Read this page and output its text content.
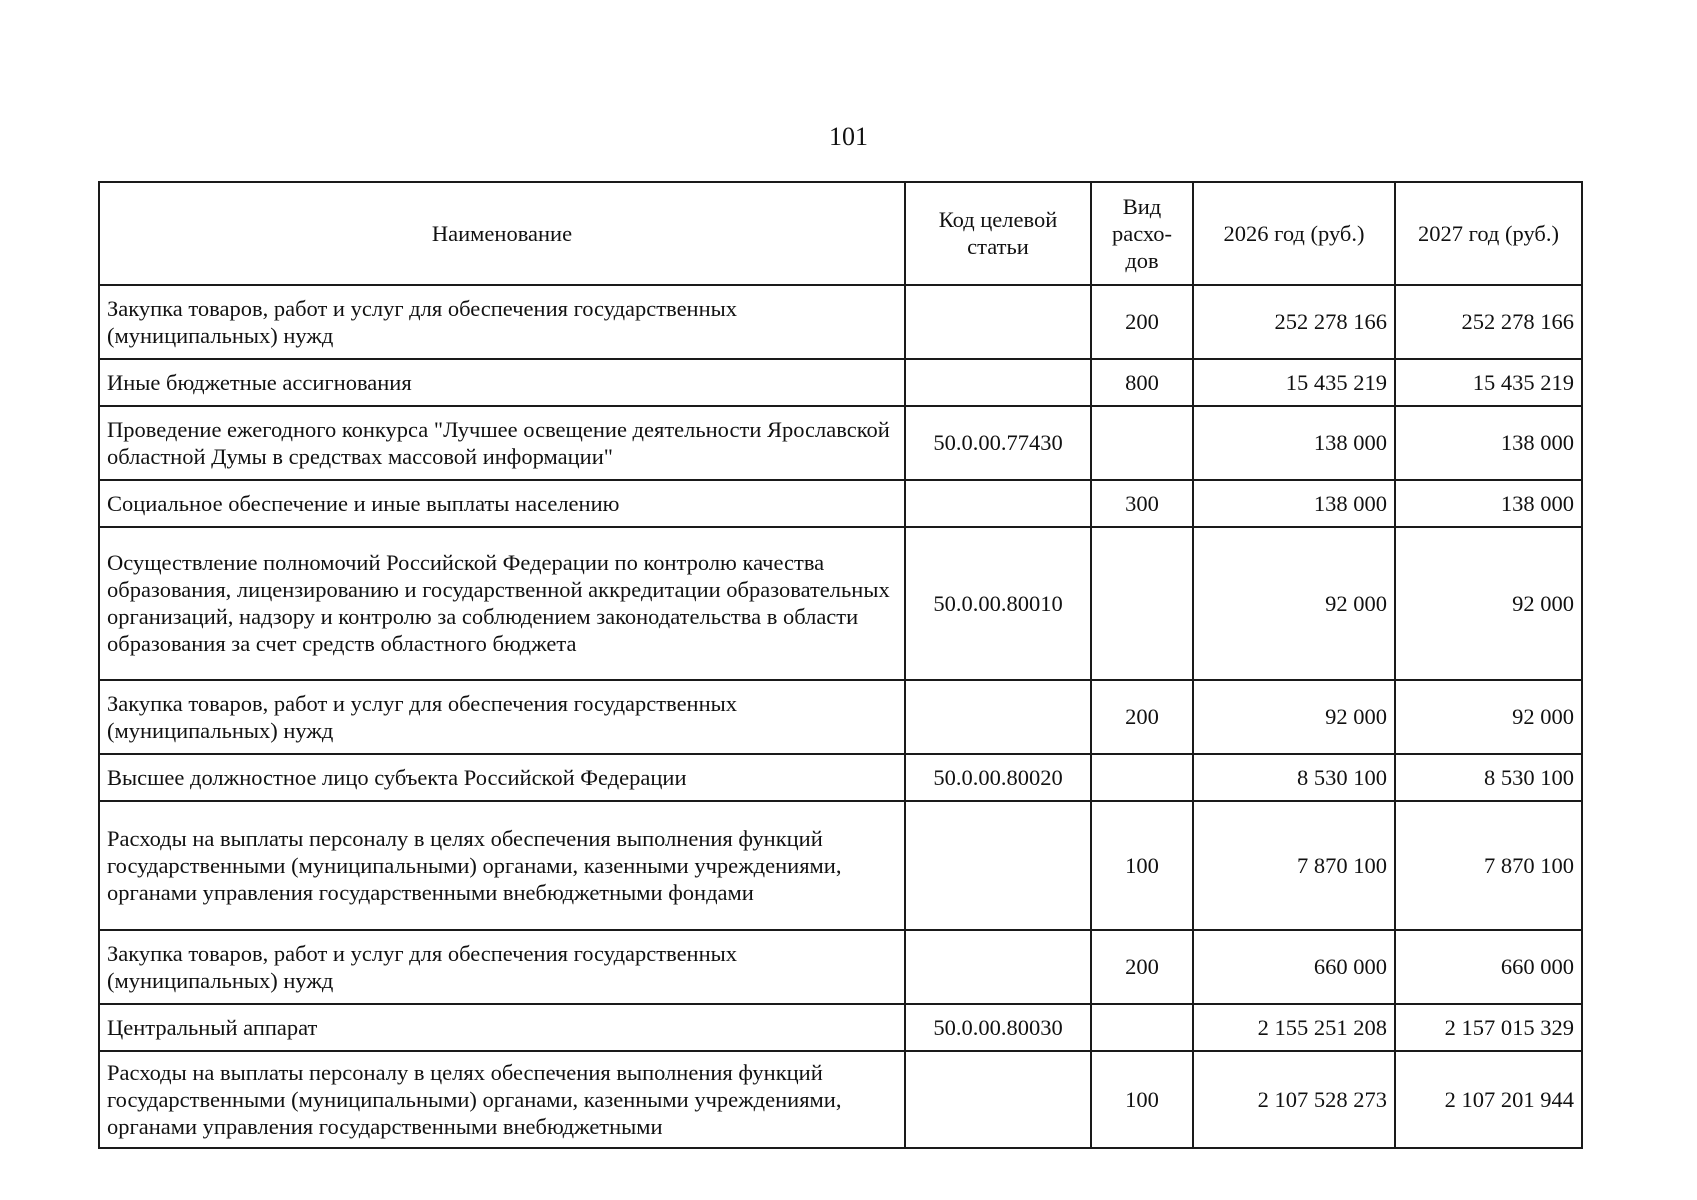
101
Наименование	Код целевой статьи	Вид расхо-дов	2026 год (руб.)	2027 год (руб.)
Закупка товаров, работ и услуг для обеспечения государственных (муниципальных) нужд		200	252 278 166	252 278 166
Иные бюджетные ассигнования		800	15 435 219	15 435 219
Проведение ежегодного конкурса "Лучшее освещение деятельности Ярославской областной Думы в средствах массовой информации"	50.0.00.77430		138 000	138 000
Социальное обеспечение и иные выплаты населению		300	138 000	138 000
Осуществление полномочий Российской Федерации по контролю качества образования, лицензированию и государственной аккредитации образовательных организаций, надзору и контролю за соблюдением законодательства в области образования за счет средств областного бюджета	50.0.00.80010		92 000	92 000
Закупка товаров, работ и услуг для обеспечения государственных (муниципальных) нужд		200	92 000	92 000
Высшее должностное лицо субъекта Российской Федерации	50.0.00.80020		8 530 100	8 530 100
Расходы на выплаты персоналу в целях обеспечения выполнения функций государственными (муниципальными) органами, казенными учреждениями, органами управления государственными внебюджетными фондами		100	7 870 100	7 870 100
Закупка товаров, работ и услуг для обеспечения государственных (муниципальных) нужд		200	660 000	660 000
Центральный аппарат	50.0.00.80030		2 155 251 208	2 157 015 329
Расходы на выплаты персоналу в целях обеспечения выполнения функций государственными (муниципальными) органами, казенными учреждениями, органами управления государственными внебюджетными		100	2 107 528 273	2 107 201 944
